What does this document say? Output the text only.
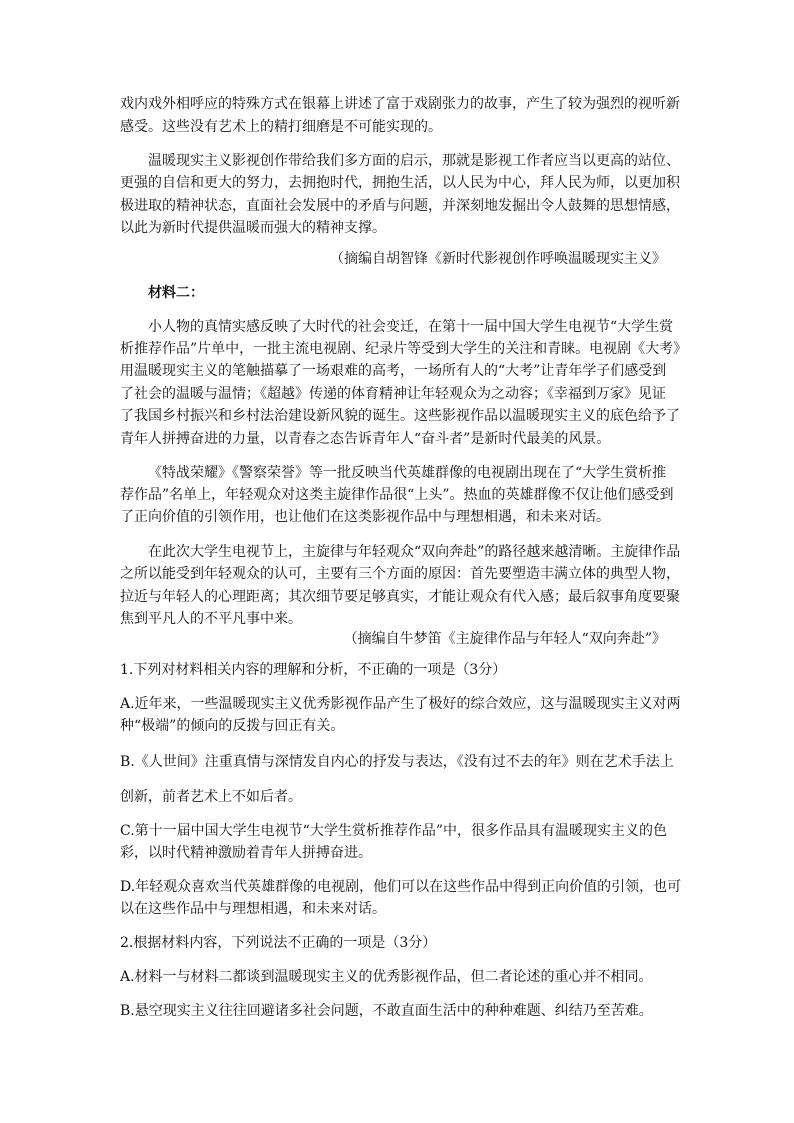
戏内戏外相呼应的特殊方式在银幕上讲述了富于戏剧张力的故事，产生了较为强烈的视听新
感受。这些没有艺术上的精打细磨是不可能实现的。
温暖现实主义影视创作带给我们多方面的启示，那就是影视工作者应当以更高的站位、
更强的自信和更大的努力，去拥抱时代，拥抱生活，以人民为中心，拜人民为师，以更加积
极进取的精神状态，直面社会发展中的矛盾与问题，并深刻地发掘出令人鼓舞的思想情感，
以此为新时代提供温暖而强大的精神支撑。
（摘编自胡智锋《新时代影视创作呼唤温暖现实主义》
材料二：
小人物的真情实感反映了大时代的社会变迁，在第十一届中国大学生电视节“大学生赏
析推荐作品”片单中，一批主流电视剧、纪录片等受到大学生的关注和青睐。电视剧《大考》
用温暖现实主义的笔触描摹了一场艰难的高考，一场所有人的“大考”让青年学子们感受到
了社会的温暖与温情；《超越》传递的体育精神让年轻观众为之动容；《幸福到万家》见证
了我国乡村振兴和乡村法治建设新风貌的诞生。这些影视作品以温暖现实主义的底色给予了
青年人拼搏奋进的力量，以青春之态告诉青年人“奋斗者”是新时代最美的风景。
《特战荣耀》《警察荣誉》等一批反映当代英雄群像的电视剧出现在了“大学生赏析推
荐作品”名单上，年轻观众对这类主旋律作品很“上头”。热血的英雄群像不仅让他们感受到
了正向价值的引领作用，也让他们在这类影视作品中与理想相遇，和未来对话。
在此次大学生电视节上，主旋律与年轻观众“双向奔赴”的路径越来越清晰。主旋律作品
之所以能受到年轻观众的认可，主要有三个方面的原因：首先要塑造丰满立体的典型人物，
拉近与年轻人的心理距离；其次细节要足够真实，才能让观众有代入感；最后叙事角度要聚
焦到平凡人的不平凡事中来。
（摘编自牛梦笛《主旋律作品与年轻人“双向奔赴”》
1.下列对材料相关内容的理解和分析，不正确的一项是（3分）
A.近年来，一些温暖现实主义优秀影视作品产生了极好的综合效应，这与温暖现实主义对两
种“极端”的倾向的反拨与回正有关。
B.《人世间》注重真情与深情发自内心的抒发与表达，《没有过不去的年》则在艺术手法上
创新，前者艺术上不如后者。
C.第十一届中国大学生电视节“大学生赏析推荐作品”中，很多作品具有温暖现实主义的色
彩，以时代精神激励着青年人拼搏奋进。
D.年轻观众喜欢当代英雄群像的电视剧，他们可以在这些作品中得到正向价值的引领，也可
以在这些作品中与理想相遇，和未来对话。
2.根据材料内容，下列说法不正确的一项是（3分）
A.材料一与材料二都谈到温暖现实主义的优秀影视作品，但二者论述的重心并不相同。
B.悬空现实主义往往回避诸多社会问题，不敢直面生活中的种种难题、纠结乃至苦难。
